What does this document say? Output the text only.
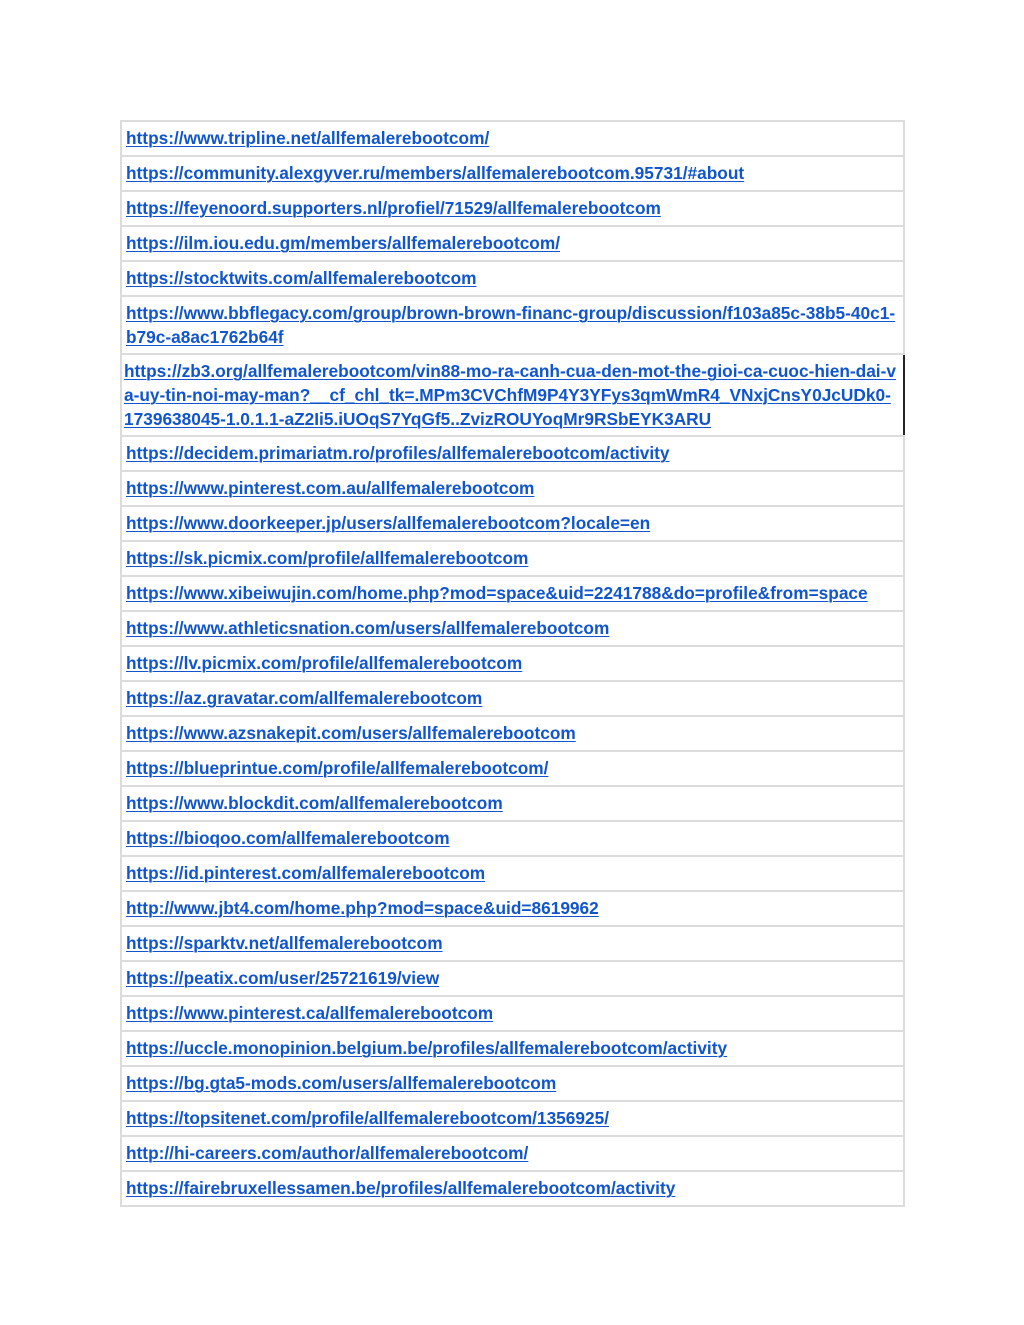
https://www.tripline.net/allfemalerebootcom/
https://community.alexgyver.ru/members/allfemalerebootcom.95731/#about
https://feyenoord.supporters.nl/profiel/71529/allfemalerebootcom
https://ilm.iou.edu.gm/members/allfemalerebootcom/
https://stocktwits.com/allfemalerebootcom
https://www.bbflegacy.com/group/brown-brown-financ-group/discussion/f103a85c-38b5-40c1-b79c-a8ac1762b64f
https://zb3.org/allfemalerebootcom/vin88-mo-ra-canh-cua-den-mot-the-gioi-ca-cuoc-hien-dai-va-uy-tin-noi-may-man?__cf_chl_tk=.MPm3CVChfM9P4Y3YFys3qmWmR4_VNxjCnsY0JcUDk0-1739638045-1.0.1.1-aZ2Ii5.iUOqS7YqGf5..ZvizROUYoqMr9RSbEYK3ARU
https://decidem.primariatm.ro/profiles/allfemalerebootcom/activity
https://www.pinterest.com.au/allfemalerebootcom
https://www.doorkeeper.jp/users/allfemalerebootcom?locale=en
https://sk.picmix.com/profile/allfemalerebootcom
https://www.xibeiwujin.com/home.php?mod=space&uid=2241788&do=profile&from=space
https://www.athleticsnation.com/users/allfemalerebootcom
https://lv.picmix.com/profile/allfemalerebootcom
https://az.gravatar.com/allfemalerebootcom
https://www.azsnakepit.com/users/allfemalerebootcom
https://blueprintue.com/profile/allfemalerebootcom/
https://www.blockdit.com/allfemalerebootcom
https://bioqoo.com/allfemalerebootcom
https://id.pinterest.com/allfemalerebootcom
http://www.jbt4.com/home.php?mod=space&uid=8619962
https://sparktv.net/allfemalerebootcom
https://peatix.com/user/25721619/view
https://www.pinterest.ca/allfemalerebootcom
https://uccle.monopinion.belgium.be/profiles/allfemalerebootcom/activity
https://bg.gta5-mods.com/users/allfemalerebootcom
https://topsitenet.com/profile/allfemalerebootcom/1356925/
http://hi-careers.com/author/allfemalerebootcom/
https://fairebruxellessamen.be/profiles/allfemalerebootcom/activity
